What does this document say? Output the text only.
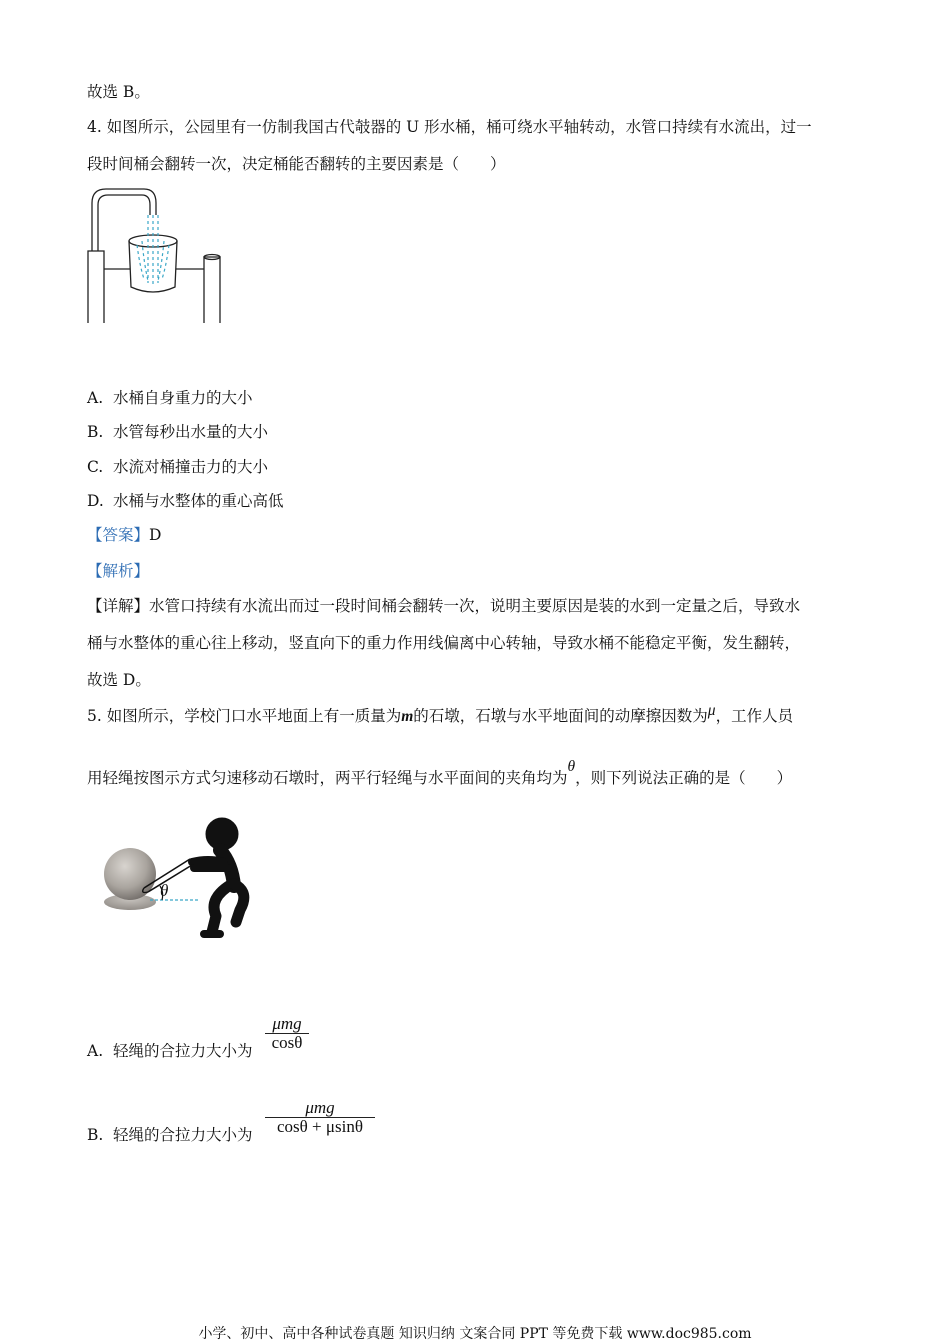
故选 B。
4. 如图所示，公园里有一仿制我国古代攲器的 U 形水桶，桶可绕水平轴转动，水管口持续有水流出，过一
段时间桶会翻转一次，决定桶能否翻转的主要因素是（　　）
A. 水桶自身重力的大小
B. 水管每秒出水量的大小
C. 水流对桶撞击力的大小
D. 水桶与水整体的重心高低
【答案】D
【解析】
【详解】水管口持续有水流出而过一段时间桶会翻转一次，说明主要原因是装的水到一定量之后，导致水
桶与水整体的重心往上移动，竖直向下的重力作用线偏离中心转轴，导致水桶不能稳定平衡，发生翻转，
故选 D。
5. 如图所示，学校门口水平地面上有一质量为m的石墩，石墩与水平地面间的动摩擦因数为μ，工作人员
用轻绳按图示方式匀速移动石墩时，两平行轻绳与水平面间的夹角均为θ，则下列说法正确的是（　　）
θ
A. 轻绳的合拉力大小为
μmg
cosθ
B. 轻绳的合拉力大小为
μmg
cosθ + μsinθ
小学、初中、高中各种试卷真题 知识归纳 文案合同 PPT 等免费下载 www.doc985.com
